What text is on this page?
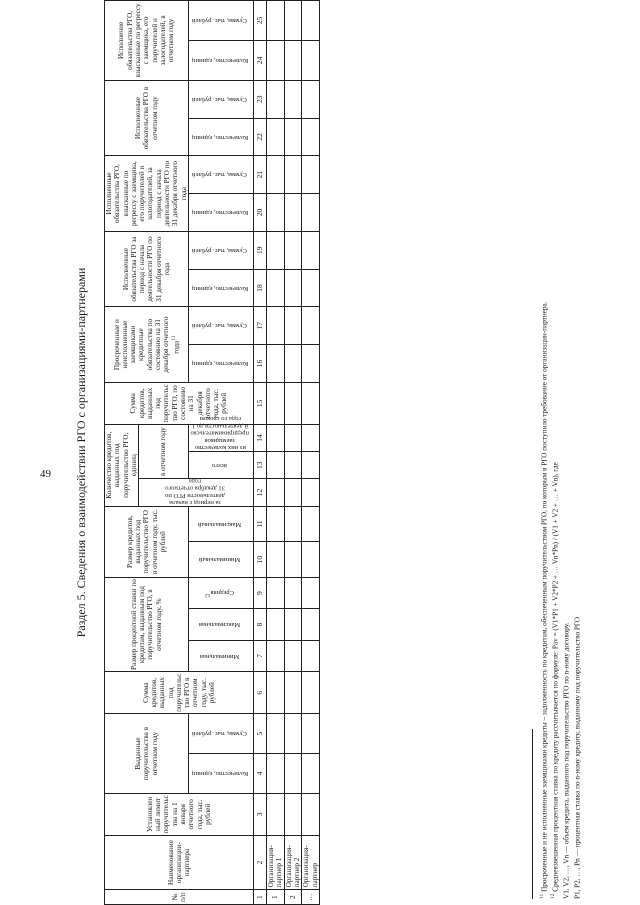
49 Раздел 5. Сведения о взаимодействии РГО с организациями-партнерами
№ п/п	Наименование организации-партнера	Установленный лимит поручительства на 1 января отчетного года, тыс. рублей	Выданные поручительства в отчетном году		Сумма кредитов, выданных под поручительство РГО в отчетном году, тыс. рублей	Размер процентной ставки по кредитам, выданным под поручительство РГО, в отчетном году, %			Размер кредитов, выданных под поручительство РГО в отчетном году, тыс. рублей		Количество кредитов, выданных под поручительство РГО, единиц			Сумма кредитов, выданных под поручительство РГО, по состоянию на 31 декабря отчетного года, тыс. рублей	Просроченные и неисполненные заемщиками кредитные обязательства по состоянию на 31 декабря отчетного года$^{11}$		Исполненные обязательства РГО за период с начала деятельности РГО по 31 декабря отчетного года		Исполненные обязательства РГО, взысканные по регрессу с заемщика, его поручителей и залогодателей, за период с начала деятельности РГО по 31 декабря отчетного года		Исполненные обязательства РГО в отчетном году		Исполнение обязательства РГО, взысканные по регрессу с заемщика, его поручителей и залогодателей, в отчетном году	
											за период с начала деятельности РГО по 31 декабря отчетного года	в отчетном году												
			Количество, единиц	Сумма, тыс. рублей		Минимальная	Максимальная	Средняя$^{12}$	Минимальный	Максимальный		всего	из них количество заемщиков предпринимательской деятельности до 1 года со сроком		Количество, единиц	Сумма, тыс. рублей	Количество, единиц	Сумма, тыс. рублей	Количество, единиц	Сумма, тыс. рублей	Количество, единиц	Сумма, тыс. рублей	Количество, единиц	Сумма, тыс. рублей
1	2	3	4	5	6	7	8	9	10	11	12	13	14	15	16	17	18	19	20	21	22	23	24	25
1	Организация-партнер 1																							
2	Организация-партнер 2																							
…	Организация-партнер																							
$^{11}$ Просроченные и не исполненные заемщиками кредиты – задолженность по кредитам, обеспеченным поручительством РГО, по которым в РГО поступило требование от организации-партнера.
$^{12}$ Средневзвешенная процентная ставка по кредиту рассчитывается по формуле: Pav = (V1*P1 + V2*P2 + … Vn*Pn) / (V1 + V2 + … + Vn), где V1, V2, …, Vn — объем кредита, выданного под поручительство РГО по n-ному договору. P1, P2, …, Pn — процентная ставка по n-ному кредиту, выданному под поручительство РГО
